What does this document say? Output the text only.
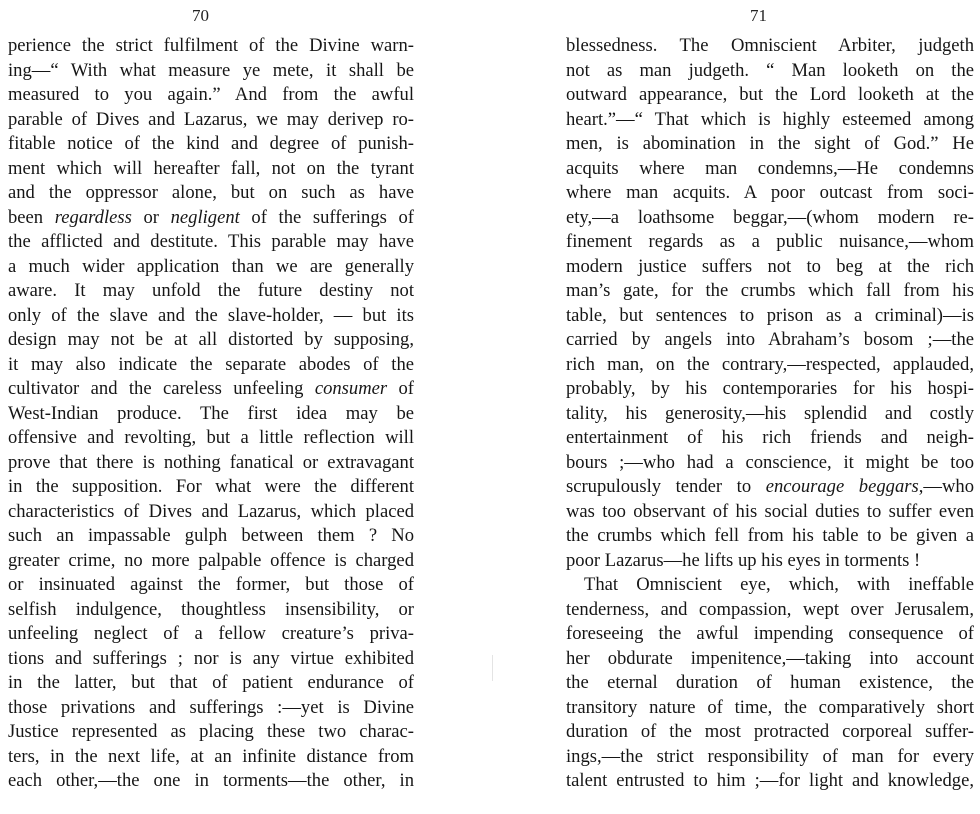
70
perience the strict fulfilment of the Divine warn-
ing—“ With what measure ye mete, it shall be
measured to you again.” And from the awful
parable of Dives and Lazarus, we may derivep ro-
fitable notice of the kind and degree of punish-
ment which will hereafter fall, not on the tyrant
and the oppressor alone, but on such as have
been regardless or negligent of the sufferings of
the afflicted and destitute. This parable may have
a much wider application than we are generally
aware. It may unfold the future destiny not
only of the slave and the slave-holder, — but its
design may not be at all distorted by supposing,
it may also indicate the separate abodes of the
cultivator and the careless unfeeling consumer of
West-Indian produce. The first idea may be
offensive and revolting, but a little reflection will
prove that there is nothing fanatical or extravagant
in the supposition. For what were the different
characteristics of Dives and Lazarus, which placed
such an impassable gulph between them ? No
greater crime, no more palpable offence is charged
or insinuated against the former, but those of
selfish indulgence, thoughtless insensibility, or
unfeeling neglect of a fellow creature’s priva-
tions and sufferings ; nor is any virtue exhibited
in the latter, but that of patient endurance of
those privations and sufferings :—yet is Divine
Justice represented as placing these two charac-
ters, in the next life, at an infinite distance from
each other,—the one in torments—the other, in
71
blessedness. The Omniscient Arbiter, judgeth
not as man judgeth. “ Man looketh on the
outward appearance, but the Lord looketh at the
heart.”—“ That which is highly esteemed among
men, is abomination in the sight of God.” He
acquits where man condemns,—He condemns
where man acquits. A poor outcast from soci-
ety,—a loathsome beggar,—(whom modern re-
finement regards as a public nuisance,—whom
modern justice suffers not to beg at the rich
man’s gate, for the crumbs which fall from his
table, but sentences to prison as a criminal)—is
carried by angels into Abraham’s bosom ;—the
rich man, on the contrary,—respected, applauded,
probably, by his contemporaries for his hospi-
tality, his generosity,—his splendid and costly
entertainment of his rich friends and neigh-
bours ;—who had a conscience, it might be too
scrupulously tender to encourage beggars,—who
was too observant of his social duties to suffer even
the crumbs which fell from his table to be given a
poor Lazarus—he lifts up his eyes in torments !
That Omniscient eye, which, with ineffable
tenderness, and compassion, wept over Jerusalem,
foreseeing the awful impending consequence of
her obdurate impenitence,—taking into account
the eternal duration of human existence, the
transitory nature of time, the comparatively short
duration of the most protracted corporeal suffer-
ings,—the strict responsibility of man for every
talent entrusted to him ;—for light and knowledge,
